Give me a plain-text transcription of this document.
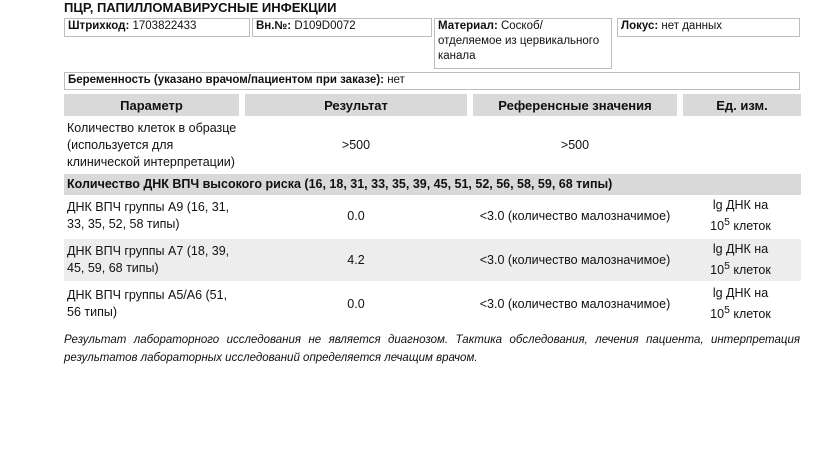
ПЦР, ПАПИЛЛОМАВИРУСНЫЕ ИНФЕКЦИИ
Штрихкод: 1703822433	Вн.№: D109D0072	Материал: Соскоб/ отделяемое из цервикального канала
Локус: нет данных
Беременность (указано врачом/пациентом при заказе): нет
Параметр	Результат	Референсные значения	Ед. изм.
Количество клеток в образце (используется для клинической интерпретации)	>500	>500	
Количество ДНК ВПЧ высокого риска (16, 18, 31, 33, 35, 39, 45, 51, 52, 56, 58, 59, 68 типы)			
ДНК ВПЧ группы А9 (16, 31, 33, 35, 52, 58 типы)	0.0	<3.0 (количество малозначимое)	lg ДНК на
$10^5$ клеток

ДНК ВПЧ группы А7 (18, 39, 45, 59, 68 типы)	4.2	<3.0 (количество малозначимое)	lg ДНК на
$10^5$ клеток

ДНК ВПЧ группы А5/А6 (51, 56 типы)	0.0	<3.0 (количество малозначимое)	lg ДНК на
$10^5$ клеток
Результат лабораторного исследования не является диагнозом. Тактика обследования, лечения пациента, интерпретация результатов лабораторных исследований определяется лечащим врачом.
